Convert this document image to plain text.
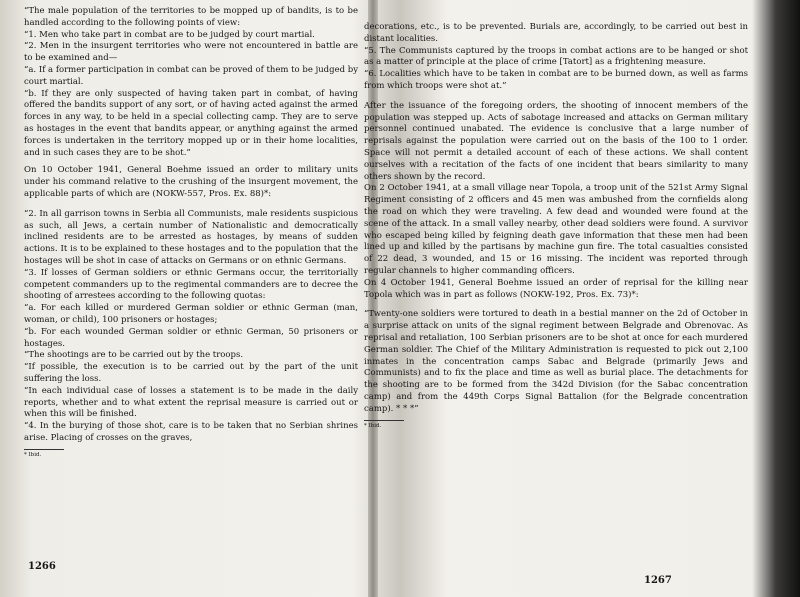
“The male population of the territories to be mopped up of bandits, is to be handled according to the following points of view:

“1. Men who take part in combat are to be judged by court martial.

“2. Men in the insurgent territories who were not encountered in battle are to be examined and—

“a. If a former participation in combat can be proved of them to be judged by court martial.

“b. If they are only suspected of having taken part in combat, of having offered the bandits support of any sort, or of having acted against the armed forces in any way, to be held in a special collecting camp. They are to serve as hostages in the event that bandits appear, or anything against the armed forces is undertaken in the territory mopped up or in their home localities, and in such cases they are to be shot.”

On 10 October 1941, General Boehme issued an order to military units under his command relative to the crushing of the insurgent movement, the applicable parts of which are (NOKW-557, Pros. Ex. 88)*:

“2. In all garrison towns in Serbia all Communists, male residents suspicious as such, all Jews, a certain number of Nationalistic and democratically inclined residents are to be arrested as hostages, by means of sudden actions. It is to be explained to these hostages and to the population that the hostages will be shot in case of attacks on Germans or on ethnic Germans.

“3. If losses of German soldiers or ethnic Germans occur, the territorially competent commanders up to the regimental commanders are to decree the shooting of arrestees according to the following quotas:

“a. For each killed or murdered German soldier or ethnic German (man, woman, or child), 100 prisoners or hostages;

“b. For each wounded German soldier or ethnic German, 50 prisoners or hostages.

“The shootings are to be carried out by the troops.

“If possible, the execution is to be carried out by the part of the unit suffering the loss.

“In each individual case of losses a statement is to be made in the daily reports, whether and to what extent the reprisal measure is carried out or when this will be finished.

“4. In the burying of those shot, care is to be taken that no Serbian shrines arise. Placing of crosses on the graves,

* Ibid.

1266

decorations, etc., is to be prevented. Burials are, accordingly, to be carried out best in distant localities.

“5. The Communists captured by the troops in combat actions are to be hanged or shot as a matter of principle at the place of crime [Tatort] as a frightening measure.

“6. Localities which have to be taken in combat are to be burned down, as well as farms from which troops were shot at.”

After the issuance of the foregoing orders, the shooting of innocent members of the population was stepped up. Acts of sabotage increased and attacks on German military personnel continued unabated. The evidence is conclusive that a large number of reprisals against the population were carried out on the basis of the 100 to 1 order. Space will not permit a detailed account of each of these actions. We shall content ourselves with a recitation of the facts of one incident that bears similarity to many others shown by the record.

On 2 October 1941, at a small village near Topola, a troop unit of the 521st Army Signal Regiment consisting of 2 officers and 45 men was ambushed from the cornfields along the road on which they were traveling. A few dead and wounded were found at the scene of the attack. In a small valley nearby, other dead soldiers were found. A survivor who escaped being killed by feigning death gave information that these men had been lined up and killed by the partisans by machine gun fire. The total casualties consisted of 22 dead, 3 wounded, and 15 or 16 missing. The incident was reported through regular channels to higher commanding officers.

On 4 October 1941, General Boehme issued an order of reprisal for the killing near Topola which was in part as follows (NOKW-192, Pros. Ex. 73)*:

“Twenty-one soldiers were tortured to death in a bestial manner on the 2d of October in a surprise attack on units of the signal regiment between Belgrade and Obrenovac. As reprisal and retaliation, 100 Serbian prisoners are to be shot at once for each murdered German soldier. The Chief of the Military Administration is requested to pick out 2,100 inmates in the concentration camps Sabac and Belgrade (primarily Jews and Communists) and to fix the place and time as well as burial place. The detachments for the shooting are to be formed from the 342d Division (for the Sabac concentration camp) and from the 449th Corps Signal Battalion (for the Belgrade concentration camp). * * *”

* Ibid.

1267
